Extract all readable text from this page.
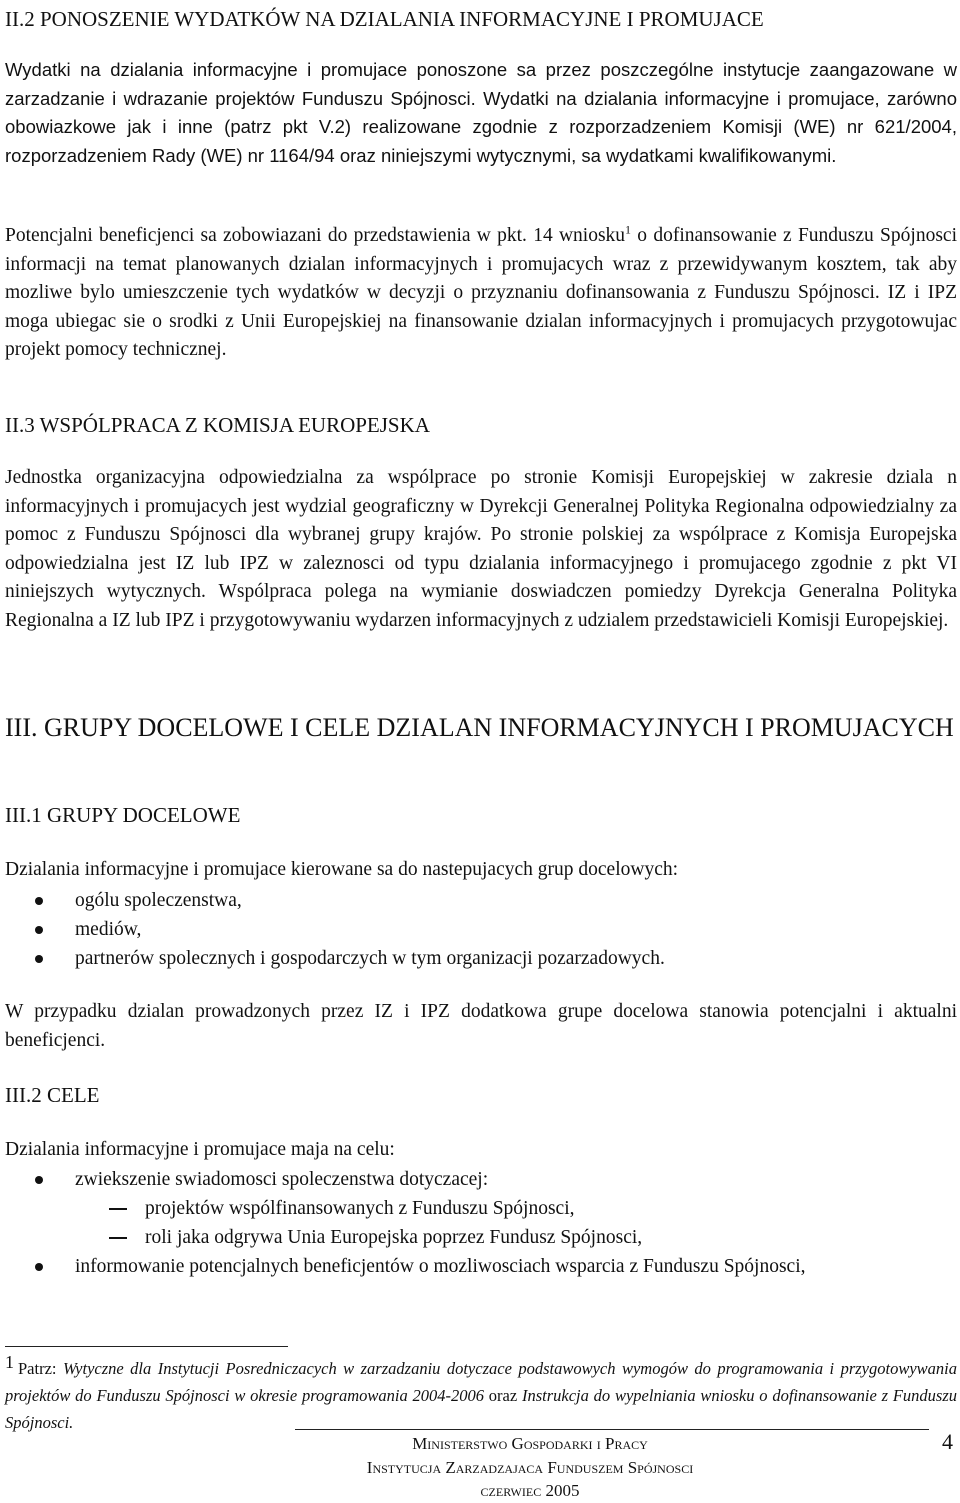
II.2 PONOSZENIE WYDATKÓW NA DZIALANIA INFORMACYJNE I PROMUJACE

Wydatki na dzialania informacyjne i promujace ponoszone sa przez poszczególne instytucje zaangazowane w zarzadzanie i wdrazanie projektów Funduszu Spójnosci. Wydatki na dzialania informacyjne i promujace, zarówno obowiazkowe jak i inne (patrz pkt V.2) realizowane zgodnie z rozporzadzeniem Komisji (WE) nr 621/2004, rozporzadzeniem Rady (WE) nr 1164/94 oraz niniejszymi wytycznymi, sa wydatkami kwalifikowanymi.

Potencjalni beneficjenci sa zobowiazani do przedstawienia w pkt. 14 wniosku$^1$ o dofinansowanie z Funduszu Spójnosci informacji na temat planowanych dzialan informacyjnych i promujacych wraz z przewidywanym kosztem, tak aby mozliwe bylo umieszczenie tych wydatków w decyzji o przyznaniu dofinansowania z Funduszu Spójnosci. IZ i IPZ moga ubiegac sie o srodki z Unii Europejskiej na finansowanie dzialan informacyjnych i promujacych przygotowujac projekt pomocy technicznej.

II.3 WSPÓLPRACA Z KOMISJA EUROPEJSKA

Jednostka organizacyjna odpowiedzialna za wspólprace po stronie Komisji Europejskiej w zakresie dziala n informacyjnych i promujacych jest wydzial geograficzny w Dyrekcji Generalnej Polityka Regionalna odpowiedzialny za pomoc z Funduszu Spójnosci dla wybranej grupy krajów. Po stronie polskiej za wspólprace z Komisja Europejska odpowiedzialna jest IZ lub IPZ w zaleznosci od typu dzialania informacyjnego i promujacego zgodnie z pkt VI niniejszych wytycznych. Wspólpraca polega na wymianie doswiadczen pomiedzy Dyrekcja Generalna Polityka Regionalna a IZ lub IPZ i przygotowywaniu wydarzen informacyjnych z udzialem przedstawicieli Komisji Europejskiej.

III. GRUPY DOCELOWE I CELE DZIALAN INFORMACYJNYCH I PROMUJACYCH

III.1 GRUPY DOCELOWE

Dzialania informacyjne i promujace kierowane sa do nastepujacych grup docelowych:

ogólu spoleczenstwa,
mediów,
partnerów spolecznych i gospodarczych w tym organizacji pozarzadowych.

W przypadku dzialan prowadzonych przez IZ i IPZ dodatkowa grupe docelowa stanowia potencjalni i aktualni beneficjenci.

III.2 CELE

Dzialania informacyjne i promujace maja na celu:

zwiekszenie swiadomosci spoleczenstwa dotyczacej:
projektów wspólfinansowanych z Funduszu Spójnosci,
roli jaka odgrywa Unia Europejska poprzez Fundusz Spójnosci,
informowanie potencjalnych beneficjentów o mozliwosciach wsparcia z Funduszu Spójnosci,

1 Patrz: Wytyczne dla Instytucji Posredniczacych w zarzadzaniu dotyczace podstawowych wymogów do programowania i przygotowywania projektów do Funduszu Spójnosci w okresie programowania 2004-2006 oraz Instrukcja do wypelniania wniosku o dofinansowanie z Funduszu Spójnosci.

Ministerstwo Gospodarki i Pracy
Instytucja Zarzadzajaca Funduszem Spójnosci
czerwiec 2005
4
